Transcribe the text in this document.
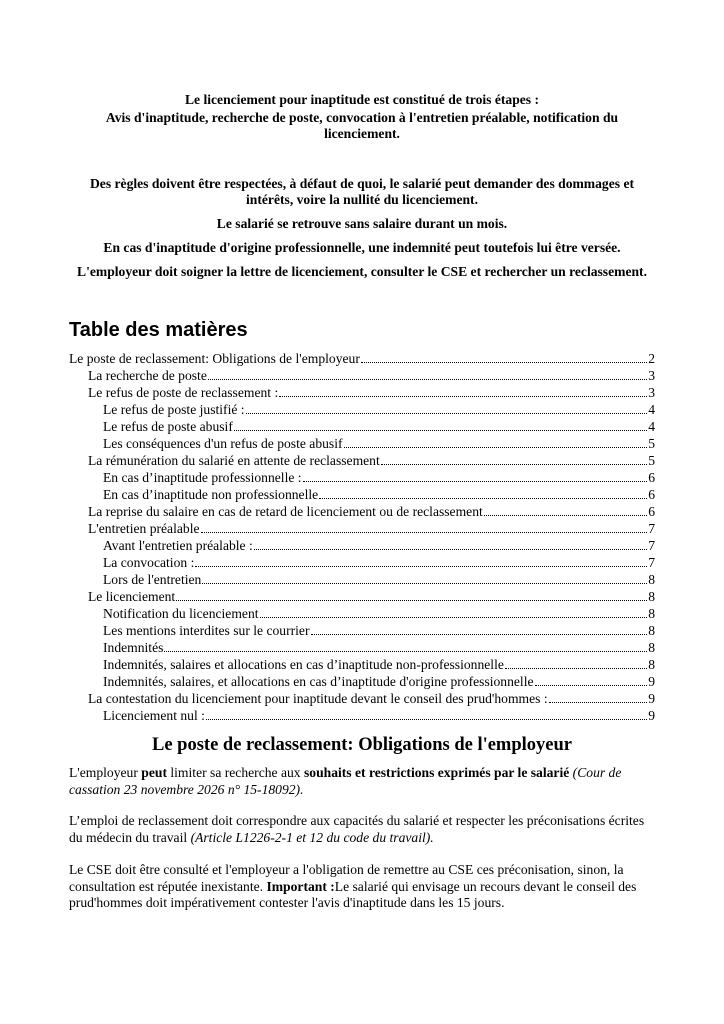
Le licenciement pour inaptitude est constitué de trois étapes :
Avis d'inaptitude, recherche de poste, convocation à l'entretien préalable, notification du licenciement.
Des règles doivent être respectées, à défaut de quoi, le salarié peut demander des dommages et intérêts, voire la nullité du licenciement.
Le salarié se retrouve sans salaire durant un mois.
En cas d'inaptitude d'origine professionnelle, une indemnité peut toutefois lui être versée.
L'employeur doit soigner la lettre de licenciement, consulter le CSE et rechercher un reclassement.
Table des matières
Le poste de reclassement: Obligations de l'employeur	2
La recherche de poste	3
Le refus de poste de reclassement :	3
Le refus de poste justifié :	4
Le refus de poste abusif	4
Les conséquences d'un refus de poste abusif	5
La rémunération du salarié en attente de reclassement	5
En cas d’inaptitude professionnelle :	6
En cas d’inaptitude non professionnelle	6
La reprise du salaire en cas de retard de licenciement ou de reclassement	6
L'entretien préalable	7
Avant l'entretien préalable :	7
La convocation :	7
Lors de l'entretien	8
Le licenciement	8
Notification du licenciement	8
Les mentions interdites sur le courrier	8
Indemnités	8
Indemnités, salaires et allocations en cas d’inaptitude non-professionnelle	8
Indemnités, salaires, et allocations en cas d’inaptitude d'origine professionnelle	9
La contestation du licenciement pour inaptitude devant le conseil des prud'hommes :	9
Licenciement nul :	9
Le poste de reclassement: Obligations de l'employeur
L'employeur peut limiter sa recherche aux souhaits et restrictions exprimés par le salarié (Cour de cassation 23 novembre 2026 n° 15-18092).
L’emploi de reclassement doit correspondre aux capacités du salarié et respecter les préconisations écrites du médecin du travail (Article L1226-2-1 et 12 du code du travail).
Le CSE doit être consulté et l'employeur a l'obligation de remettre au CSE ces préconisation, sinon, la consultation est réputée inexistante. Important :Le salarié qui envisage un recours devant le conseil des prud'hommes doit impérativement contester l'avis d'inaptitude dans les 15 jours.
